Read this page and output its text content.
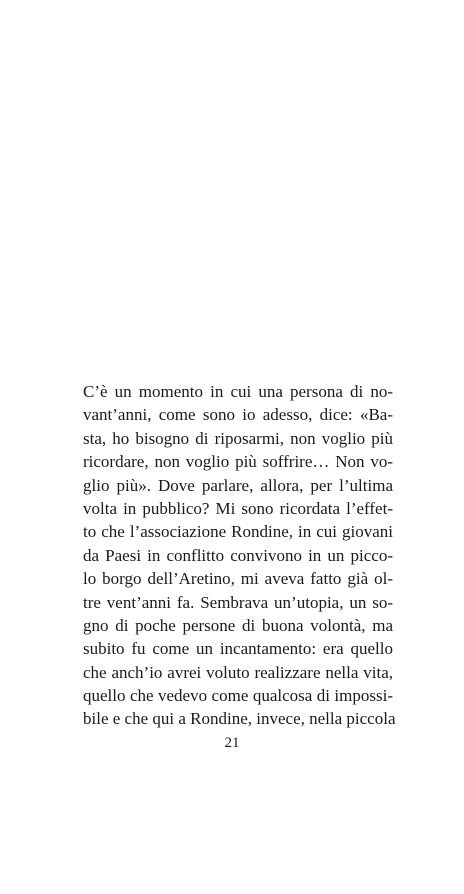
C’è un momento in cui una persona di no-
vant’anni, come sono io adesso, dice: «Ba-
sta, ho bisogno di riposarmi, non voglio più
ricordare, non voglio più soffrire… Non vo-
glio più». Dove parlare, allora, per l’ultima
volta in pubblico? Mi sono ricordata l’effet-
to che l’associazione Rondine, in cui giovani
da Paesi in conflitto convivono in un picco-
lo borgo dell’Aretino, mi aveva fatto già ol-
tre vent’anni fa. Sembrava un’utopia, un so-
gno di poche persone di buona volontà, ma
subito fu come un incantamento: era quello
che anch’io avrei voluto realizzare nella vita,
quello che vedevo come qualcosa di impossi-
bile e che qui a Rondine, invece, nella piccola
21
